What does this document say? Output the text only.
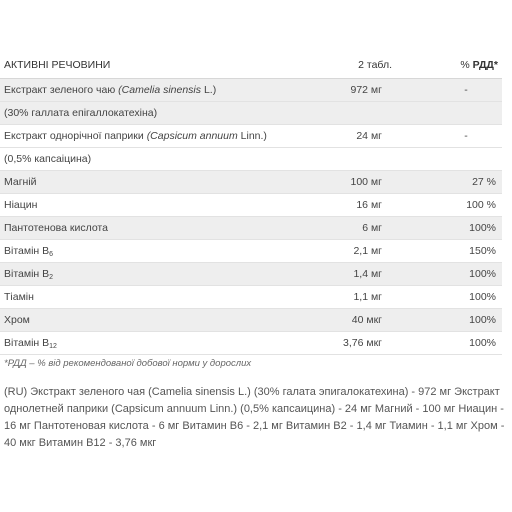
АКТИВНІ РЕЧОВИНИ	2 табл.	% РДД*
Екстракт зеленого чаю (Camelia sinensis L.)	972 мг	-
(30% галлата епігаллокатехіна)		
Екстракт однорічної паприки (Capsicum annuum Linn.)	24 мг	-
(0,5% капсаіцина)		
Магній	100 мг	27 %
Ніацин	16 мг	100 %
Пантотенова кислота	6 мг	100%
Вітамін $В_6$	2,1 мг	150%
Вітамін $В_2$	1,4 мг	100%
Тіамін	1,1 мг	100%
Хром	40 мкг	100%
Вітамін $В_{12}$	3,76 мкг	100%
*РДД – % від рекомендованої добової норми у дорослих
(RU) Экстракт зеленого чая (Camelia sinensis L.) (30% галата эпигалокатехина) - 972 мг Экстракт однолетней паприки (Capsicum annuum Linn.) (0,5% капсаицина) - 24 мг Магний - 100 мг Ниацин - 16 мг Пантотеновая кислота - 6 мг Витамин В6 - 2,1 мг Витамин В2 - 1,4 мг Тиамин - 1,1 мг Хром - 40 мкг Витамин В12 - 3,76 мкг
